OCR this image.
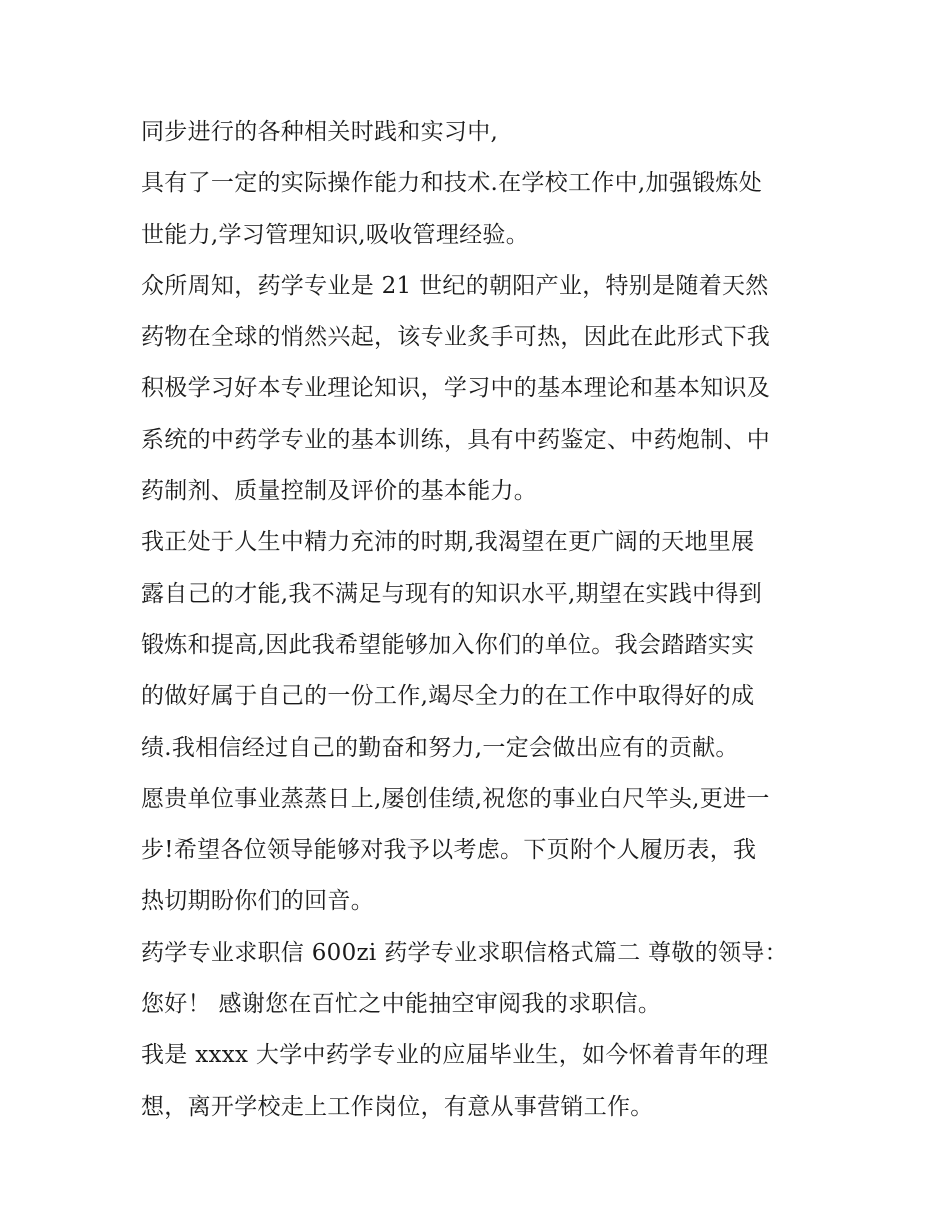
同步进行的各种相关时践和实习中,
具有了一定的实际操作能力和技术.在学校工作中,加强锻炼处
世能力,学习管理知识,吸收管理经验。
众所周知，药学专业是 21 世纪的朝阳产业，特别是随着天然
药物在全球的悄然兴起，该专业炙手可热，因此在此形式下我
积极学习好本专业理论知识，学习中的基本理论和基本知识及
系统的中药学专业的基本训练，具有中药鉴定、中药炮制、中
药制剂、质量控制及评价的基本能力。
我正处于人生中精力充沛的时期,我渴望在更广阔的天地里展
露自己的才能,我不满足与现有的知识水平,期望在实践中得到
锻炼和提高,因此我希望能够加入你们的单位。我会踏踏实实
的做好属于自己的一份工作,竭尽全力的在工作中取得好的成
绩.我相信经过自己的勤奋和努力,一定会做出应有的贡献。
愿贵单位事业蒸蒸日上,屡创佳绩,祝您的事业白尺竿头,更进一
步!希望各位领导能够对我予以考虑。下页附个人履历表，我
热切期盼你们的回音。
药学专业求职信 600zi 药学专业求职信格式篇二 尊敬的领导：
您好！ 感谢您在百忙之中能抽空审阅我的求职信。
我是 xxxx 大学中药学专业的应届毕业生，如今怀着青年的理
想，离开学校走上工作岗位，有意从事营销工作。
